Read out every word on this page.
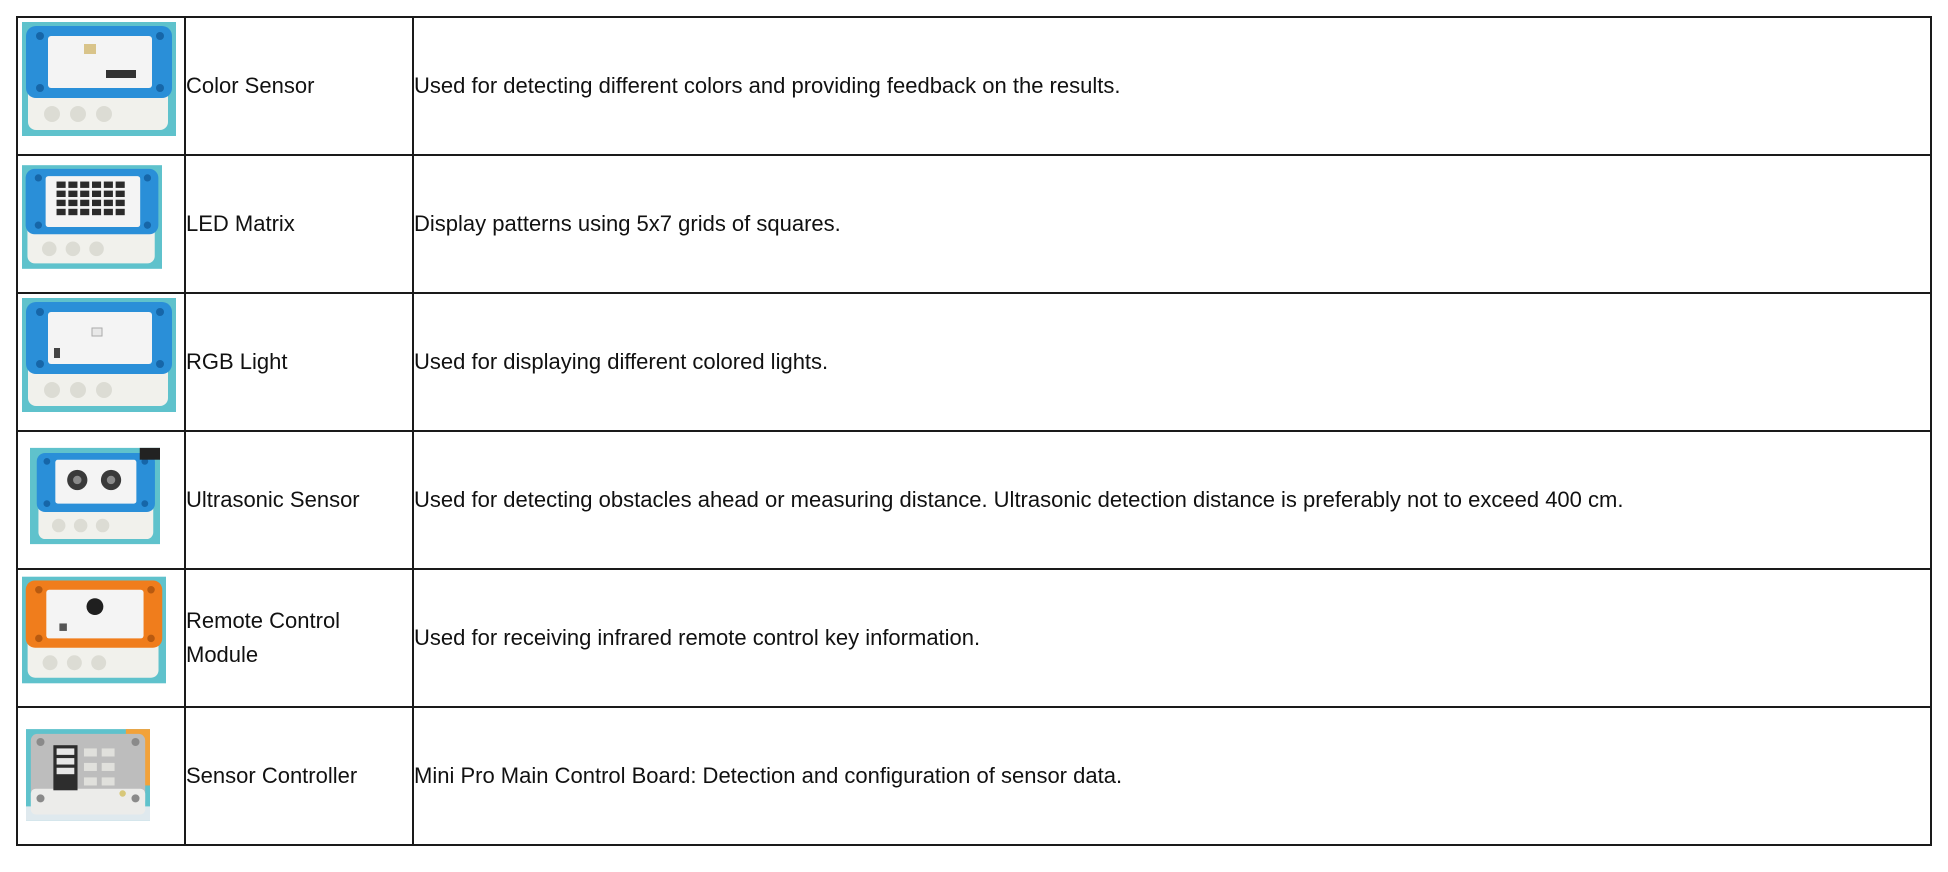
	Color Sensor	Used for detecting different colors and providing feedback on the results.

	LED Matrix	Display patterns using 5x7 grids of squares.

	RGB Light	Used for displaying different colored lights.

	Ultrasonic Sensor	Used for detecting obstacles ahead or measuring distance. Ultrasonic detection distance is preferably not to exceed 400 cm.

	Remote Control Module	Used for receiving infrared remote control key information.

	Sensor Controller	Mini Pro Main Control Board: Detection and configuration of sensor data.
